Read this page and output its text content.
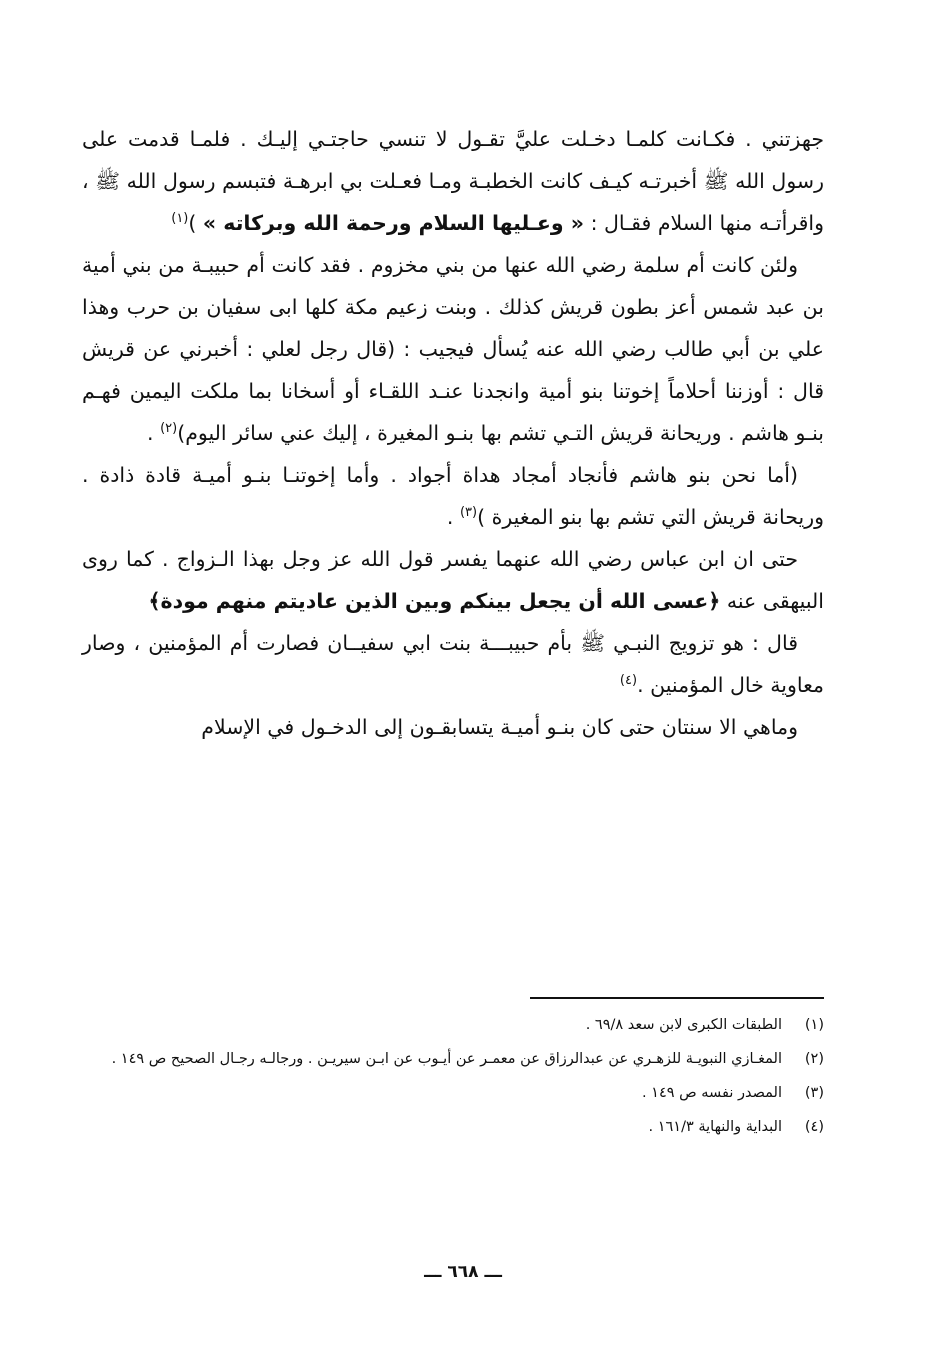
جهزتني . فكـانت كلمـا دخـلت عليَّ تقـول لا تنسي حاجتـي إليـك . فلمـا قدمت على رسول الله ﷺ أخبرتـه كيـف كانت الخطبـة ومـا فعـلت بي ابرهـة فتبسم رسول الله ﷺ ، واقرأتـه منها السلام فقـال : « وعـليها السلام ورحمة الله وبركاته » )$^{(١)}$

ولئن كانت أم سلمة رضي الله عنها من بني مخزوم . فقد كانت أم حبيبـة من بني أمية بن عبد شمس أعز بطون قريش كذلك . وبنت زعيم مكة كلها ابى سفيان بن حرب وهذا علي بن أبي طالب رضي الله عنه يُسأل فيجيب : (قال رجل لعلي : أخبرني عن قريش قال : أوزننا أحلاماً إخوتنا بنو أمية وانجدنا عنـد اللقـاء أو أسخانا بما ملكت اليمين فهـم بنـو هاشم . وريحانة قريش التـي تشم بها بنـو المغيرة ، إليك عني سائر اليوم)$^{(٢)}$ .

(أما نحن بنو هاشم فأنجاد أمجاد هداة أجواد . وأما إخوتنـا بنـو أميـة قادة ذادة . وريحانة قريش التي تشم بها بنو المغيرة )$^{(٣)}$ .

حتى ان ابن عباس رضي الله عنهما يفسر قول الله عز وجل بهذا الـزواج . كما روى البيهقى عنه ﴿عسى الله أن يجعل بينكم وبين الذين عاديتم منهم مودة﴾

قال : هو تزويج النبـي ﷺ بأم حبيبـــة بنت ابي سفيــان فصارت أم المؤمنين ، وصار معاوية خال المؤمنين .$^{(٤)}$

وماهي الا سنتان حتى كان بنـو أميـة يتسابقـون إلى الدخـول في الإسلام

(١)
الطبقات الكبرى لابن سعد ٦٩/٨ .
(٢)
المغـازي النبويـة للزهـري عن عبدالرزاق عن معمـر عن أيـوب عن ابـن سيريـن . ورجالـه رجـال الصحيح ص ١٤٩ .
(٣)
المصدر نفسه ص ١٤٩ .
(٤)
البداية والنهاية ١٦١/٣ .
ـــ ٦٦٨ ـــ
